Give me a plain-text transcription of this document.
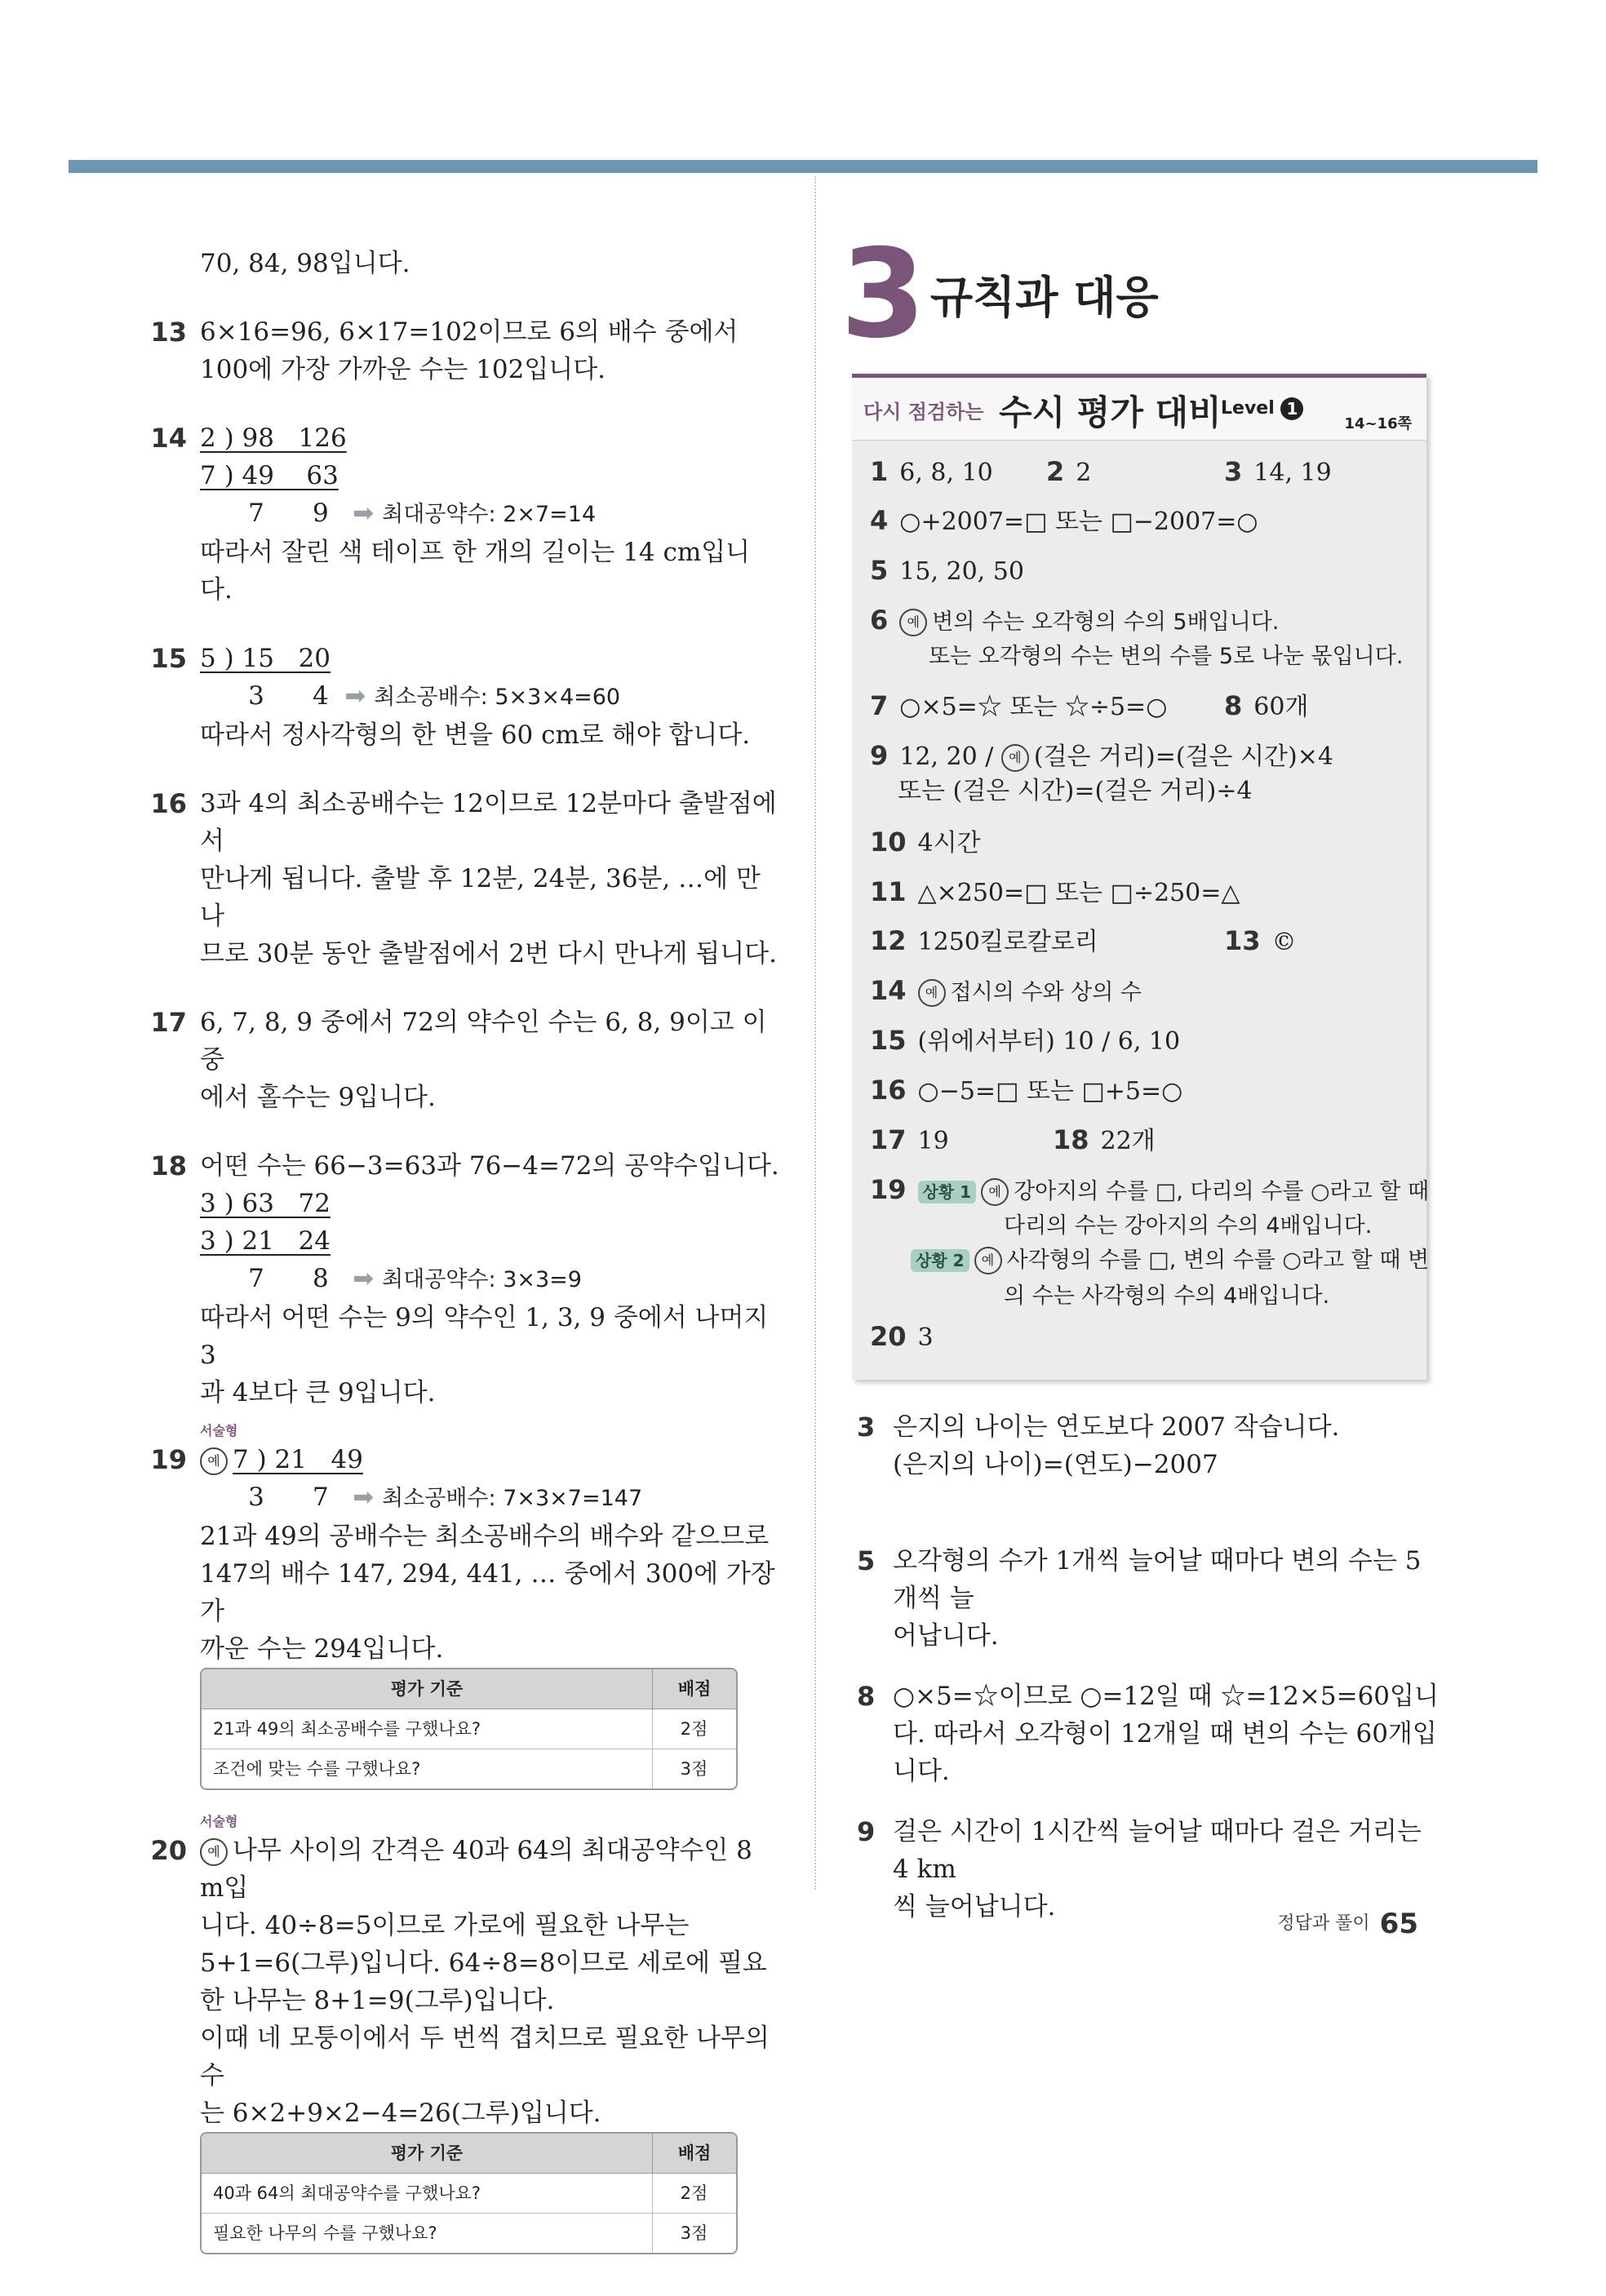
70, 84, 98입니다.
13 6×16=96, 6×17=102이므로 6의 배수 중에서
100에 가장 가까운 수는 102입니다.
14 2 ) 98   126
7 ) 49    63
7      9 ➡ 최대공약수: 2×7=14
따라서 잘린 색 테이프 한 개의 길이는 14 cm입니다.
15 5 ) 15   20
3      4 ➡ 최소공배수: 5×3×4=60
따라서 정사각형의 한 변을 60 cm로 해야 합니다.
16 3과 4의 최소공배수는 12이므로 12분마다 출발점에서
만나게 됩니다. 출발 후 12분, 24분, 36분, …에 만나
므로 30분 동안 출발점에서 2번 다시 만나게 됩니다.
17 6, 7, 8, 9 중에서 72의 약수인 수는 6, 8, 9이고 이중
에서 홀수는 9입니다.
18 어떤 수는 66−3=63과 76−4=72의 공약수입니다.
3 ) 63   72
3 ) 21   24
7      8 ➡ 최대공약수: 3×3=9
따라서 어떤 수는 9의 약수인 1, 3, 9 중에서 나머지 3
과 4보다 큰 9입니다.
서술형
19	예 7 ) 21   49
3      7 ➡ 최소공배수: 7×3×7=147
21과 49의 공배수는 최소공배수의 배수와 같으므로
147의 배수 147, 294, 441, … 중에서 300에 가장 가
까운 수는 294입니다.
평가 기준	배점
21과 49의 최소공배수를 구했나요?	2점
조건에 맞는 수를 구했나요?	3점
서술형
20	예 나무 사이의 간격은 40과 64의 최대공약수인 8 m입
니다. 40÷8=5이므로 가로에 필요한 나무는
5+1=6(그루)입니다. 64÷8=8이므로 세로에 필요
한 나무는 8+1=9(그루)입니다.
이때 네 모퉁이에서 두 번씩 겹치므로 필요한 나무의 수
는 6×2+9×2−4=26(그루)입니다.
평가 기준	배점
40과 64의 최대공약수를 구했나요?	2점
필요한 나무의 수를 구했나요?	3점
3 규칙과 대응
다시 점검하는 수시 평가 대비 Level 1
14~16쪽
1 6, 8, 10 2 2	3 14, 19
4 ○+2007=□ 또는 □−2007=○
5 15, 20, 50
6 예 변의 수는 오각형의 수의 5배입니다.
또는 오각형의 수는 변의 수를 5로 나눈 몫입니다.
7 ○×5=☆ 또는 ☆÷5=○ 8 60개
9 12, 20 / 예 (걸은 거리)=(걸은 시간)×4
또는 (걸은 시간)=(걸은 거리)÷4
10 4시간
11 △×250=□ 또는 □÷250=△
12 1250킬로칼로리	13 ©
14 예 접시의 수와 상의 수
15 (위에서부터) 10 / 6, 10
16 ○−5=□ 또는 □+5=○
17 19	18 22개
19 상황 1 예 강아지의 수를 □, 다리의 수를 ○라고 할 때
다리의 수는 강아지의 수의 4배입니다.
상황 2 예 사각형의 수를 □, 변의 수를 ○라고 할 때 변
의 수는 사각형의 수의 4배입니다.
20 3
3 은지의 나이는 연도보다 2007 작습니다.
(은지의 나이)=(연도)−2007
5 오각형의 수가 1개씩 늘어날 때마다 변의 수는 5개씩 늘
어납니다.
8 ○×5=☆이므로 ○=12일 때 ☆=12×5=60입니
다. 따라서 오각형이 12개일 때 변의 수는 60개입니다.
9 걸은 시간이 1시간씩 늘어날 때마다 걸은 거리는 4 km
씩 늘어납니다.
정답과 풀이 65
